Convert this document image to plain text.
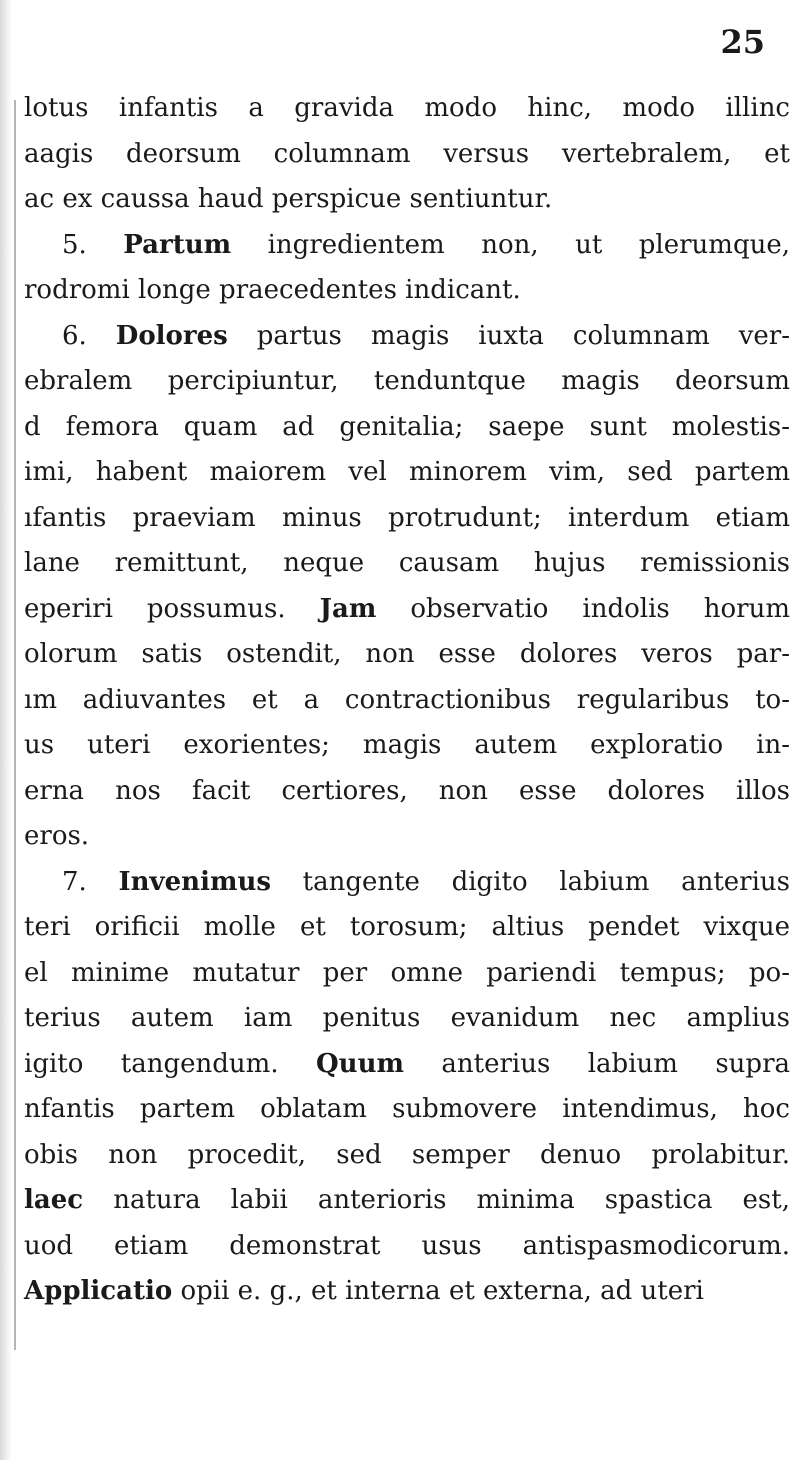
25
lotus infantis a gravida modo hinc, modo illinc
aagis deorsum columnam versus vertebralem, et
ac ex caussa haud perspicue sentiuntur.
5. Partum ingredientem non, ut plerumque,
rodromi longe praecedentes indicant.
6. Dolores partus magis iuxta columnam ver-
ebralem percipiuntur, tenduntque magis deorsum
d femora quam ad genitalia; saepe sunt molestis-
imi, habent maiorem vel minorem vim, sed partem
ıfantis praeviam minus protrudunt; interdum etiam
lane remittunt, neque causam hujus remissionis
eperiri possumus. Jam observatio indolis horum
olorum satis ostendit, non esse dolores veros par-
ım adiuvantes et a contractionibus regularibus to-
us uteri exorientes; magis autem exploratio in-
erna nos facit certiores, non esse dolores illos
eros.
7. Invenimus tangente digito labium anterius
teri orificii molle et torosum; altius pendet vixque
el minime mutatur per omne pariendi tempus; po-
terius autem iam penitus evanidum nec amplius
igito tangendum. Quum anterius labium supra
nfantis partem oblatam submovere intendimus, hoc
obis non procedit, sed semper denuo prolabitur.
laec natura labii anterioris minima spastica est,
uod etiam demonstrat usus antispasmodicorum.
Applicatio opii e. g., et interna et externa, ad uteri
